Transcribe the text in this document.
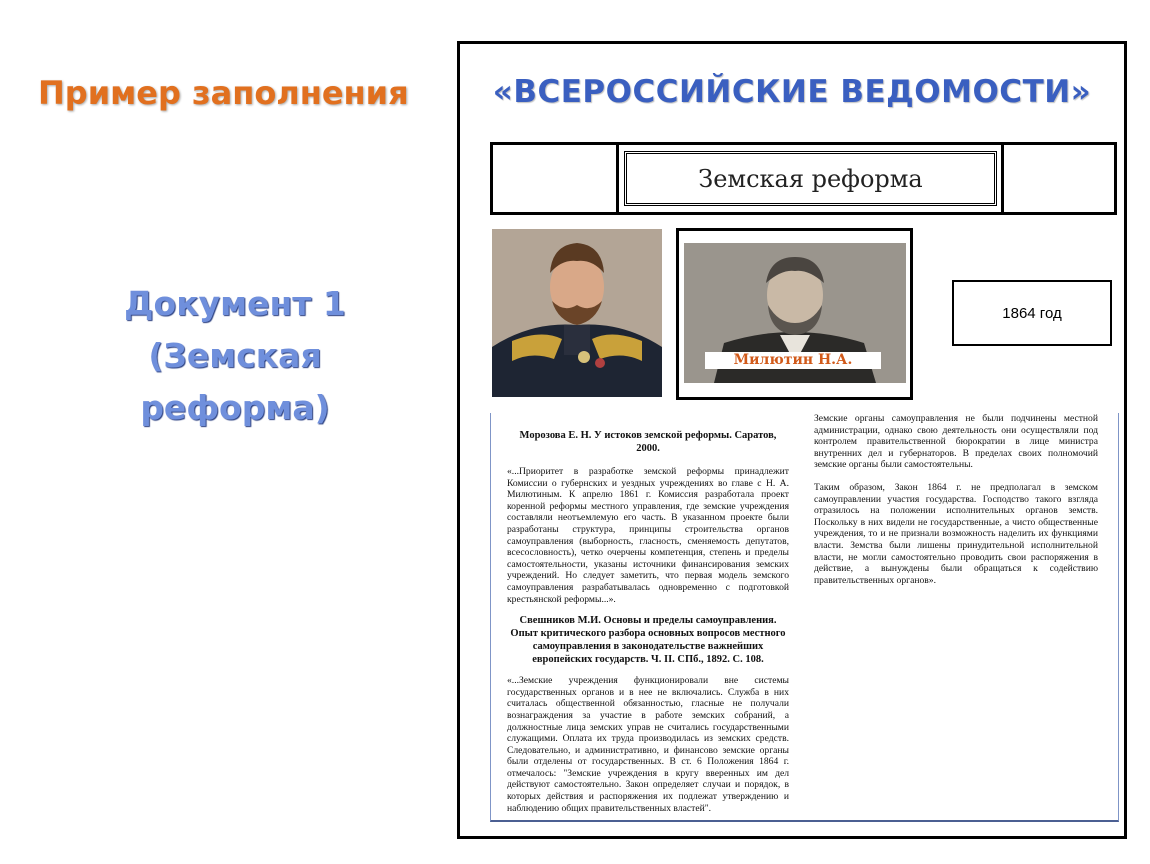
Пример заполнения
Документ 1
(Земская
реформа)
«ВСЕРОССИЙСКИЕ ВЕДОМОСТИ»
Земская реформа
Милютин Н.А.
1864 год

Морозова Е. Н. У истоков земской реформы. Саратов, 2000.

«...Приоритет в разработке земской реформы принадлежит Комиссии о губернских и уездных учреждениях во главе с Н. А. Милютиным. К апрелю 1861 г. Комиссия разработала проект коренной реформы местного управления, где земские учреждения составляли неотъемлемую его часть. В указанном проекте были разработаны структура, принципы строительства органов самоуправления (выборность, гласность, сменяемость депутатов, всесословность), четко очерчены компетенция, степень и пределы самостоятельности, указаны источники финансирования земских учреждений. Но следует заметить, что первая модель земского самоуправления разрабатывалась одновременно с подготовкой крестьянской реформы...».

Свешников М.И. Основы и пределы самоуправления. Опыт критического разбора основных вопросов местного самоуправления в законодательстве важнейших европейских государств. Ч. II. СПб., 1892. С. 108.

«...Земские учреждения функционировали вне системы государственных органов и в нее не включались. Служба в них считалась общественной обязанностью, гласные не получали вознаграждения за участие в работе земских собраний, а должностные лица земских управ не считались государственными служащими. Оплата их труда производилась из земских средств. Следовательно, и административно, и финансово земские органы были отделены от государственных. В ст. 6 Положения 1864 г. отмечалось: "Земские учреждения в кругу вверенных им дел действуют самостоятельно. Закон определяет случаи и порядок, в которых действия и распоряжения их подлежат утверждению и наблюдению общих правительственных властей".

Земские органы самоуправления не были подчинены местной администрации, однако свою деятельность они осуществляли под контролем правительственной бюрократии в лице министра внутренних дел и губернаторов. В пределах своих полномочий земские органы были самостоятельны.

Таким образом, Закон 1864 г. не предполагал в земском самоуправлении участия государства. Господство такого взгляда отразилось на положении исполнительных органов земств. Поскольку в них видели не государственные, а чисто общественные учреждения, то и не признали возможность наделить их функциями власти. Земства были лишены принудительной исполнительной власти, не могли самостоятельно проводить свои распоряжения в действие, а вынуждены были обращаться к содействию правительственных органов».
